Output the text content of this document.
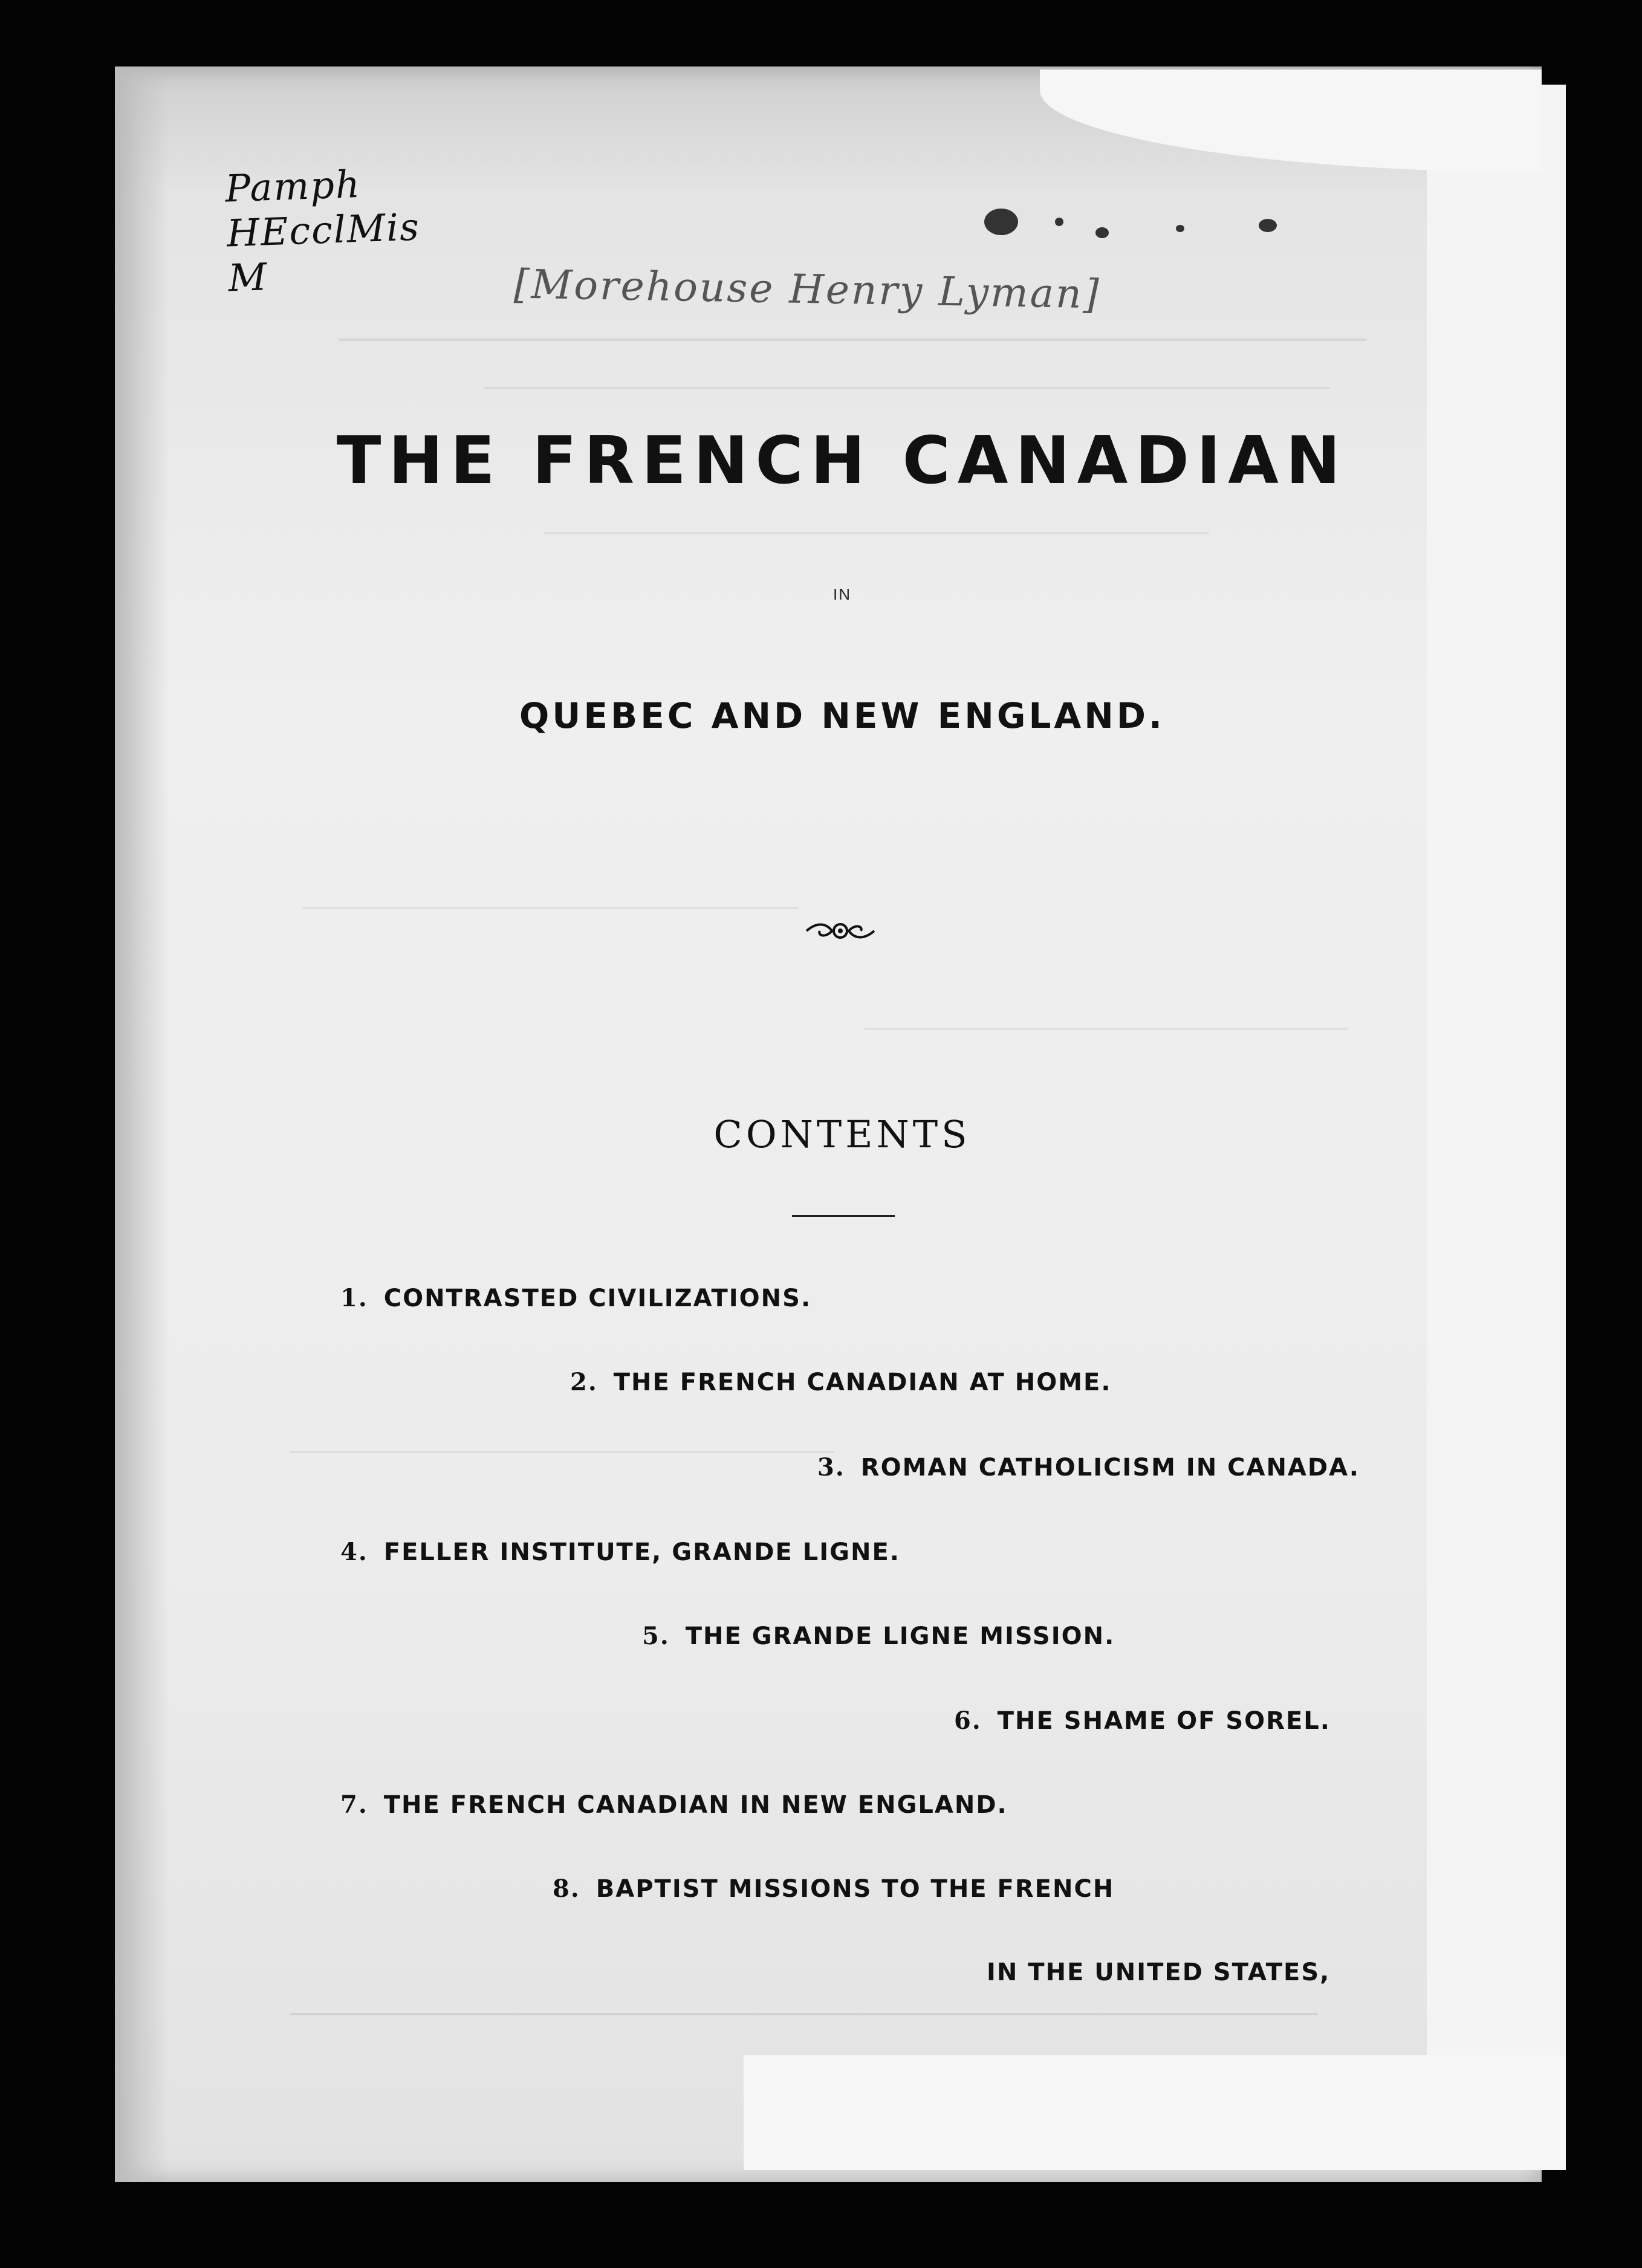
Pamph
HEcclMis
M	[Morehouse Henry Lyman]
THE FRENCH CANADIAN
IN
QUEBEC AND NEW ENGLAND.
CONTENTS
1. CONTRASTED CIVILIZATIONS.
2. THE FRENCH CANADIAN AT HOME.
3. ROMAN CATHOLICISM IN CANADA.
4. FELLER INSTITUTE, GRANDE LIGNE.
5. THE GRANDE LIGNE MISSION.
6. THE SHAME OF SOREL.
7. THE FRENCH CANADIAN IN NEW ENGLAND.
8. BAPTIST MISSIONS TO THE FRENCH
IN THE UNITED STATES,
